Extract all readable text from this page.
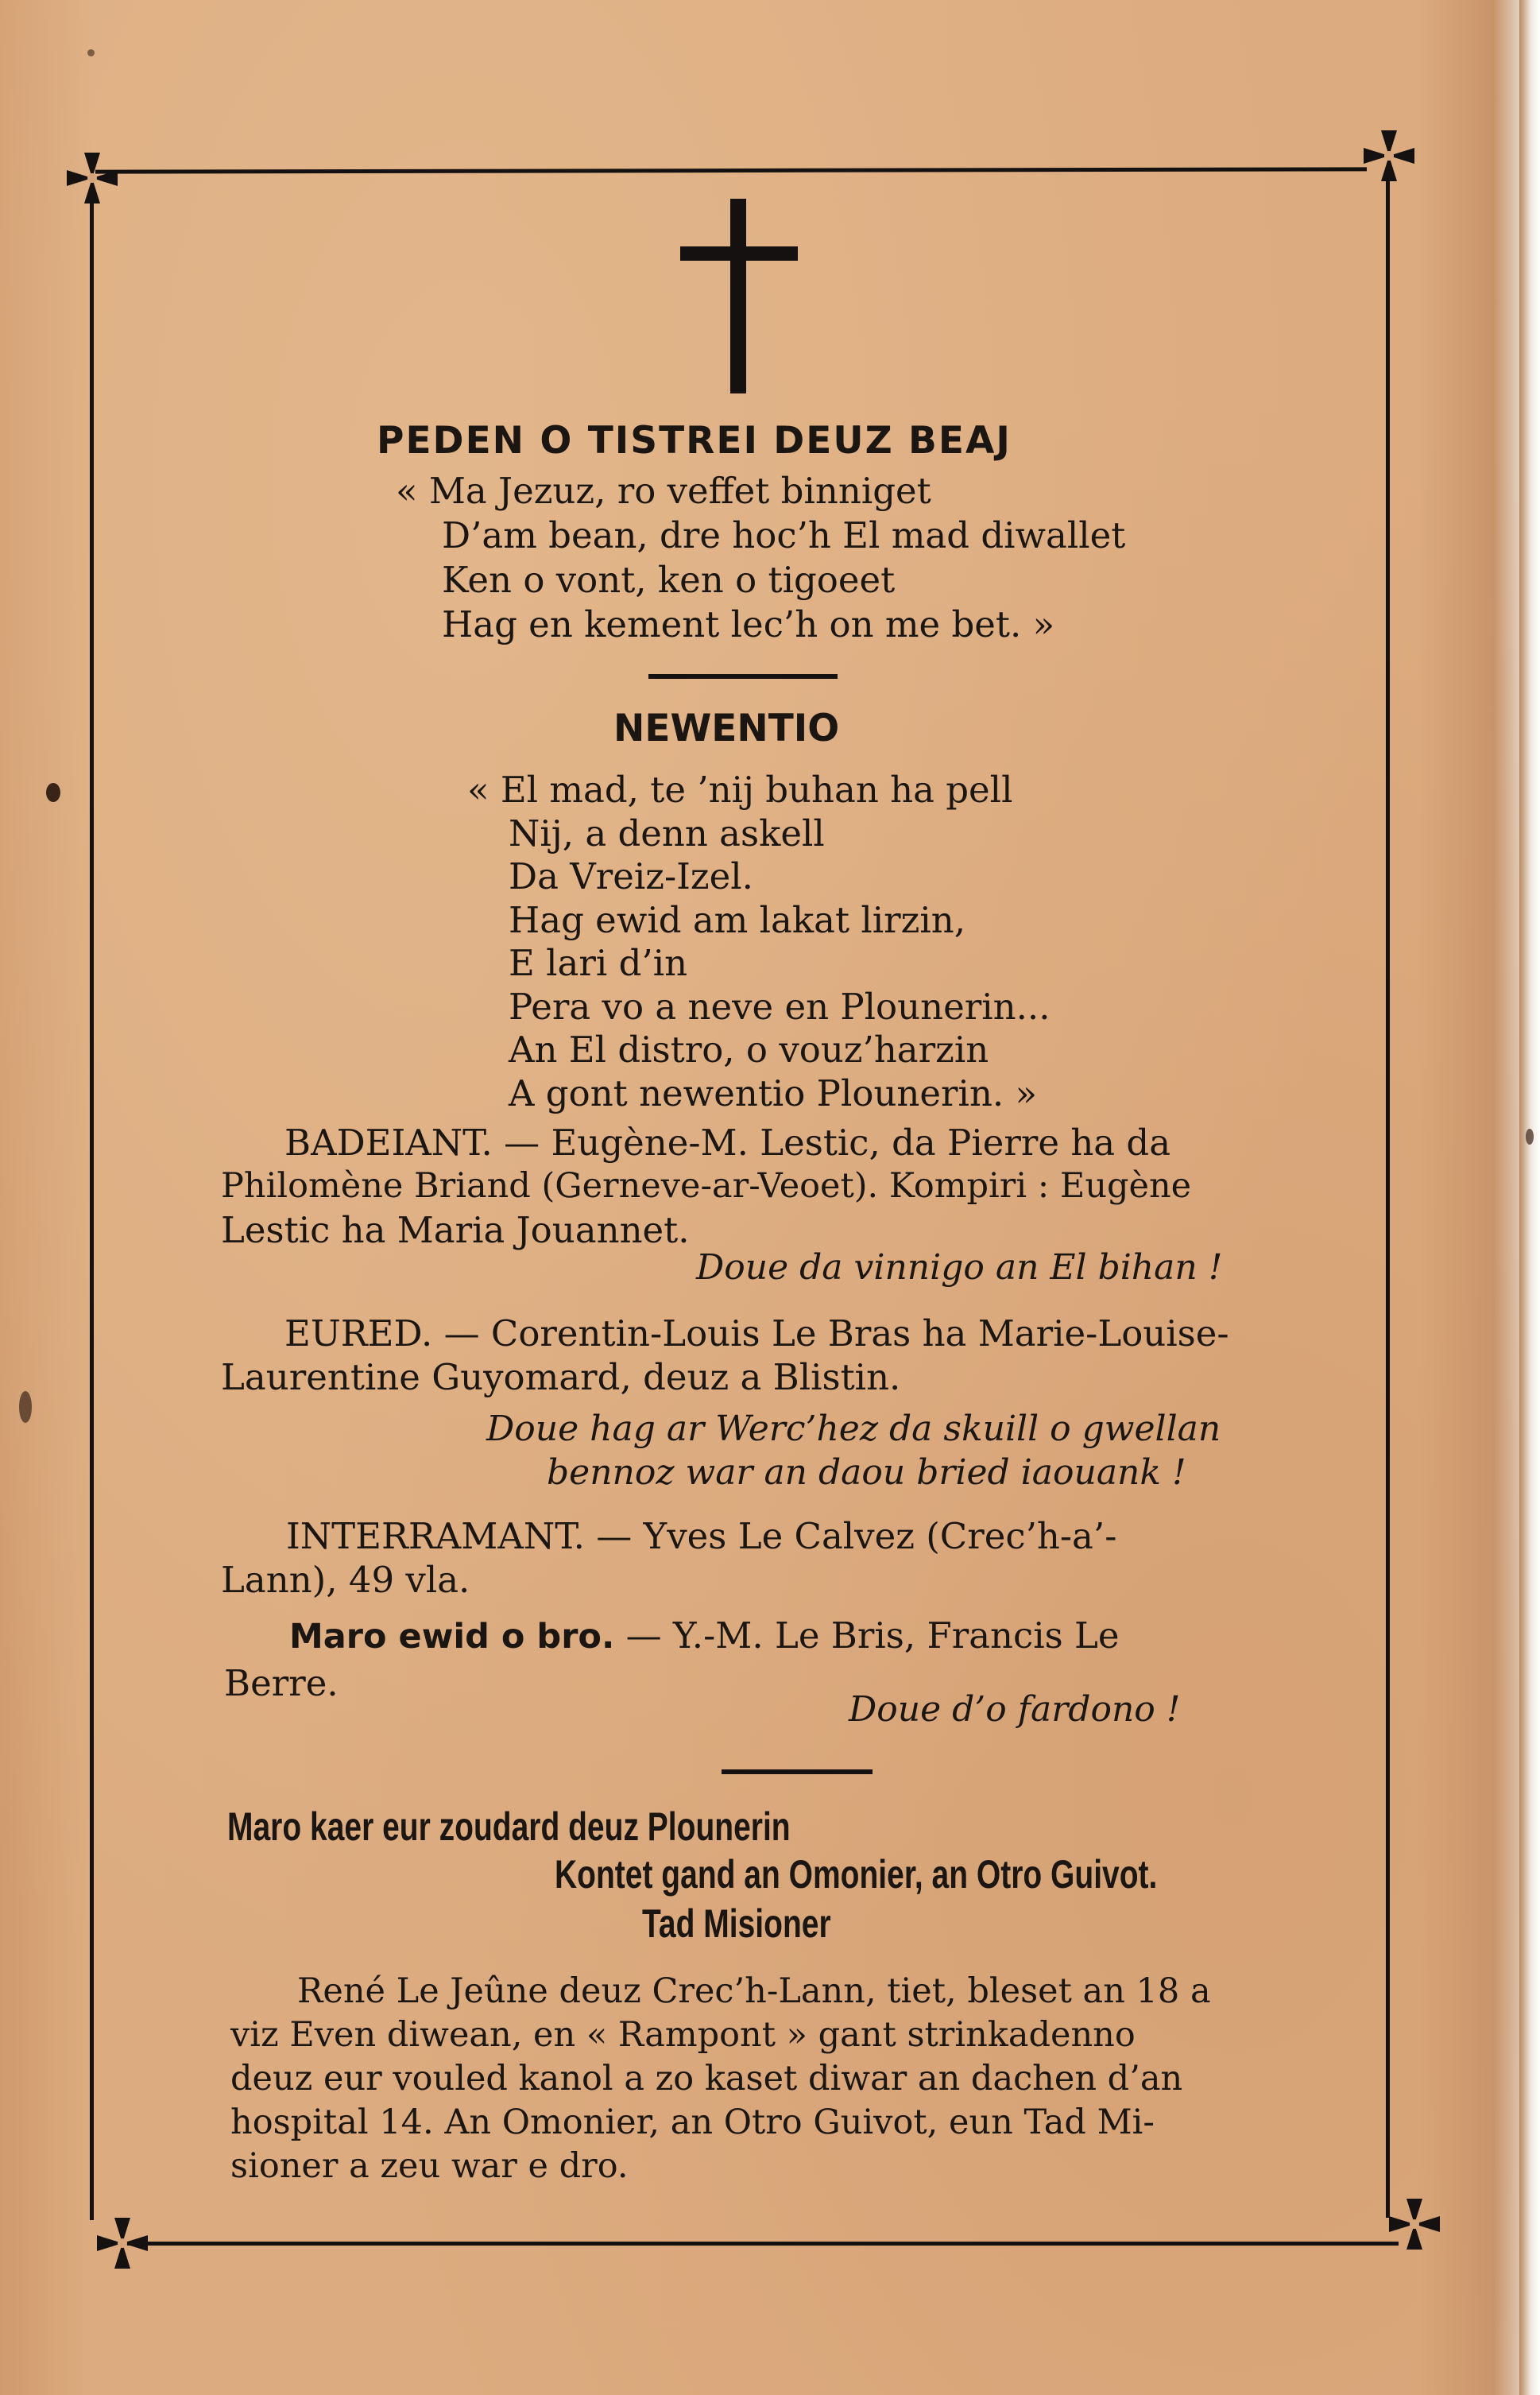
PEDEN O TISTREI DEUZ BEAJ
« Ma Jezuz, ro veffet binniget
D’am bean, dre hoc’h El mad diwallet
Ken o vont, ken o tigoeet
Hag en kement lec’h on me bet. »
NEWENTIO
« El mad, te ’nij buhan ha pell
Nij, a denn askell
Da Vreiz-Izel.
Hag ewid am lakat lirzin,
E lari d’in
Pera vo a neve en Plounerin...
An El distro, o vouz’harzin
A gont newentio Plounerin. »
BADEIANT. — Eugène-M. Lestic, da Pierre ha da
Philomène Briand (Gerneve-ar-Veoet). Kompiri : Eugène
Lestic ha Maria Jouannet.
Doue da vinnigo an El bihan !
EURED. — Corentin-Louis Le Bras ha Marie-Louise-
Laurentine Guyomard, deuz a Blistin.
Doue hag ar Werc’hez da skuill o gwellan
bennoz war an daou bried iaouank !
INTERRAMANT. — Yves Le Calvez (Crec’h-a’-
Lann), 49 vla.
Maro ewid o bro. — Y.-M. Le Bris, Francis Le
Berre.
Doue d’o fardono !
Maro kaer eur zoudard deuz Plounerin
Kontet gand an Omonier, an Otro Guivot.
Tad Misioner
René Le Jeûne deuz Crec’h-Lann, tiet, bleset an 18 a
viz Even diwean, en « Rampont » gant strinkadenno
deuz eur vouled kanol a zo kaset diwar an dachen d’an
hospital 14. An Omonier, an Otro Guivot, eun Tad Mi-
sioner a zeu war e dro.
